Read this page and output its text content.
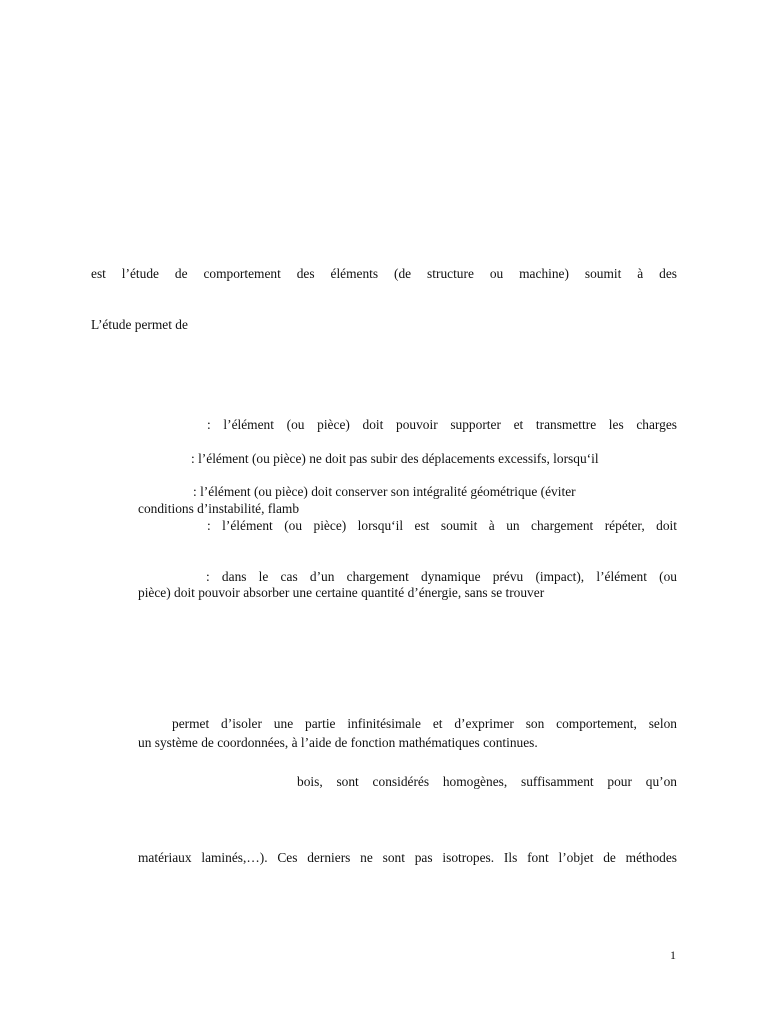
est l’étude de comportement des éléments (de structure ou machine) soumit à des
L’étude permet de
: l’élément (ou pièce) doit pouvoir supporter et transmettre les charges
: l’élément (ou pièce) ne doit pas subir des déplacements excessifs, lorsqu‘il
: l’élément (ou pièce) doit conserver son intégralité géométrique (éviter
conditions d’instabilité, flamb
: l’élément (ou pièce) lorsqu‘il est soumit à un chargement répéter, doit
: dans le cas d’un chargement dynamique prévu (impact), l’élément (ou
pièce) doit pouvoir absorber une certaine quantité d’énergie, sans se trouver
permet d’isoler une partie infinitésimale et d’exprimer son comportement, selon
un système de coordonnées, à l’aide de fonction mathématiques continues.
bois, sont considérés homogènes, suffisamment pour qu’on
matériaux laminés,…). Ces derniers ne sont pas isotropes. Ils font l’objet de méthodes
1
